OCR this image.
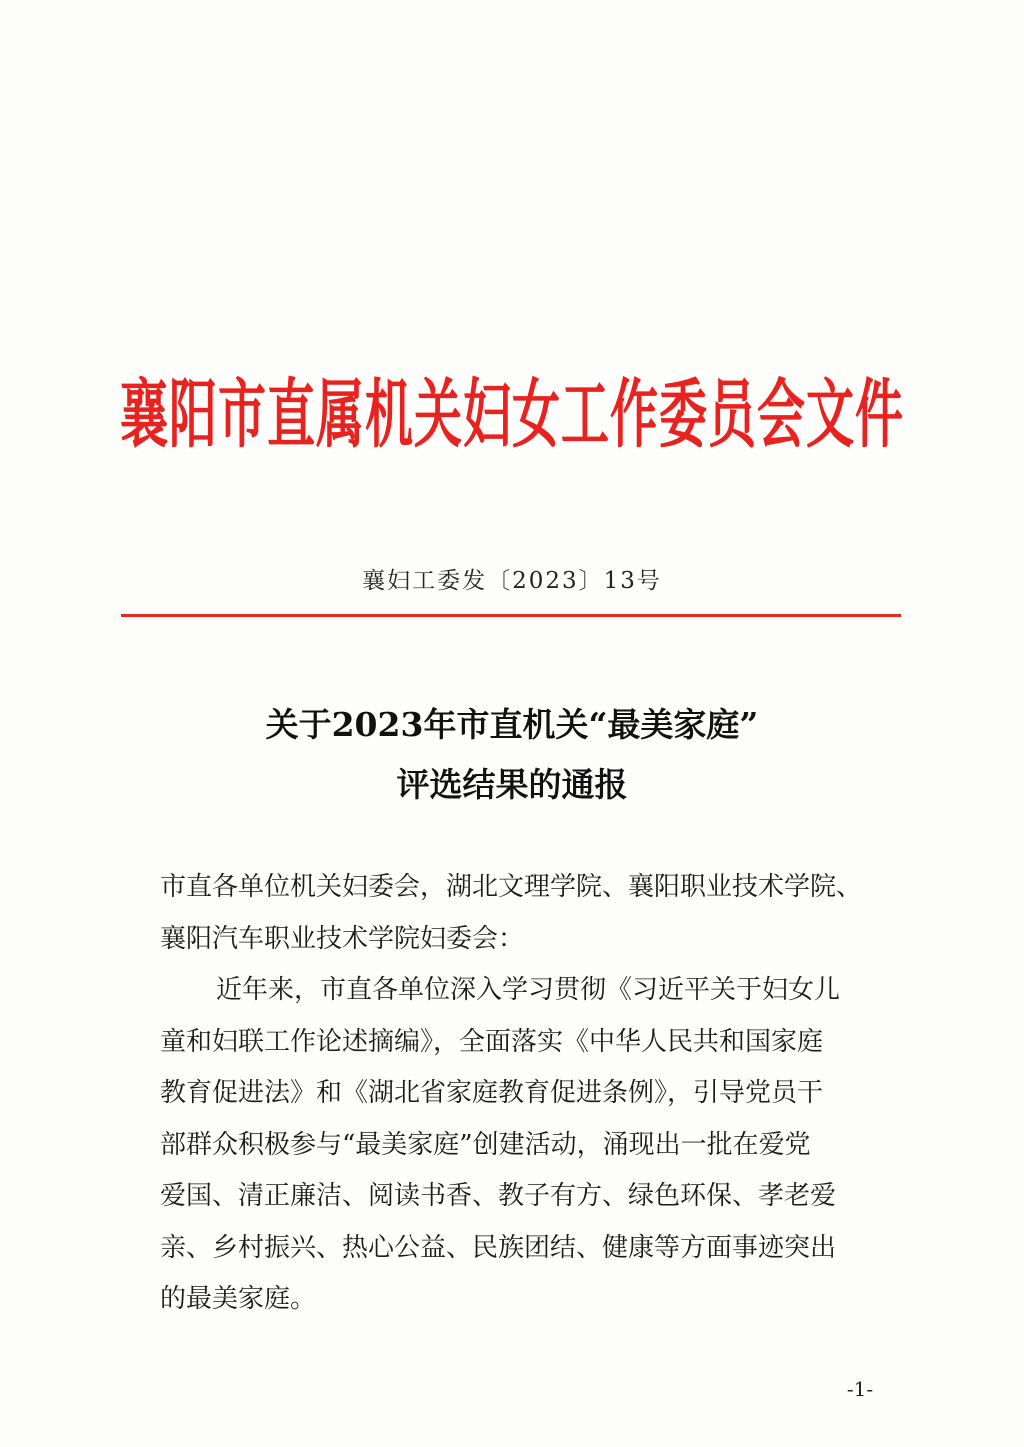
襄阳市直属机关妇女工作委员会文件
襄妇工委发〔2023〕13号
关于2023年市直机关“最美家庭”
评选结果的通报
市直各单位机关妇委会，湖北文理学院、襄阳职业技术学院、
襄阳汽车职业技术学院妇委会：
近年来，市直各单位深入学习贯彻《习近平关于妇女儿
童和妇联工作论述摘编》，全面落实《中华人民共和国家庭
教育促进法》和《湖北省家庭教育促进条例》，引导党员干
部群众积极参与“最美家庭”创建活动，涌现出一批在爱党
爱国、清正廉洁、阅读书香、教子有方、绿色环保、孝老爱
亲、乡村振兴、热心公益、民族团结、健康等方面事迹突出
的最美家庭。
-1-
